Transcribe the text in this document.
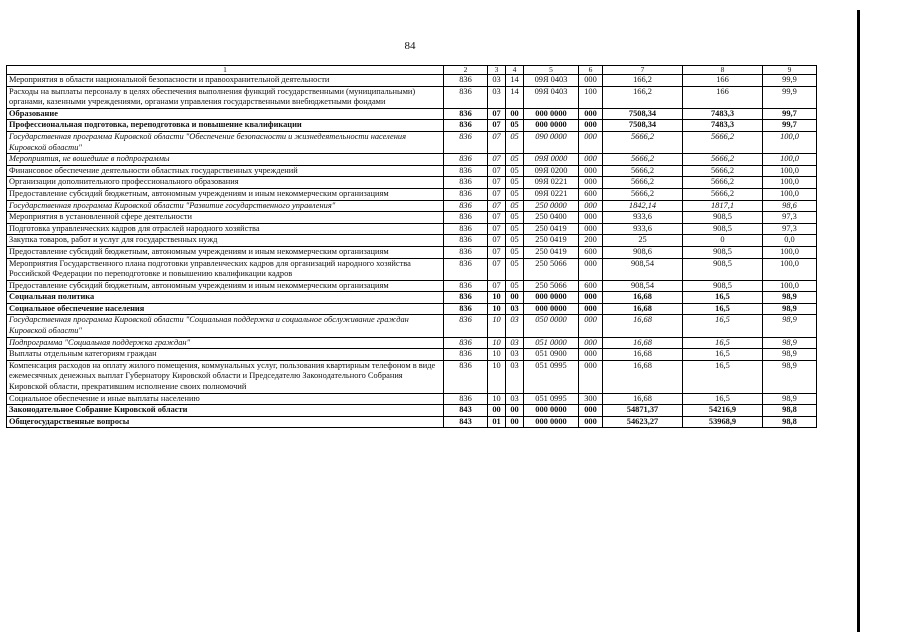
84
1	2	3	4	5	6	7	8	9
Мероприятия в области национальной безопасности и правоохранительной деятельности	836	03	14	09Я 0403	000	166,2	166	99,9
Расходы на выплаты персоналу в целях обеспечения выполнения функций государственными (муниципальными) органами, казенными учреждениями, органами управления государственными внебюджетными фондами	836	03	14	09Я 0403	100	166,2	166	99,9
Образование	836	07	00	000 0000	000	7508,34	7483,3	99,7
Профессиональная подготовка, переподготовка и повышение квалификации	836	07	05	000 0000	000	7508,34	7483,3	99,7
Государственная программа Кировской области "Обеспечение безопасности и жизнедеятельности населения Кировской области"	836	07	05	090 0000	000	5666,2	5666,2	100,0
Мероприятия, не вошедшие в подпрограммы	836	07	05	09Я 0000	000	5666,2	5666,2	100,0
Финансовое обеспечение деятельности областных государственных учреждений	836	07	05	09Я 0200	000	5666,2	5666,2	100,0
Организации дополнительного профессионального образования	836	07	05	09Я 0221	000	5666,2	5666,2	100,0
Предоставление субсидий бюджетным, автономным учреждениям и иным некоммерческим организациям	836	07	05	09Я 0221	600	5666,2	5666,2	100,0
Государственная программа Кировской области "Развитие государственного управления"	836	07	05	250 0000	000	1842,14	1817,1	98,6
Мероприятия в установленной сфере деятельности	836	07	05	250 0400	000	933,6	908,5	97,3
Подготовка управленческих кадров для отраслей народного хозяйства	836	07	05	250 0419	000	933,6	908,5	97,3
Закупка товаров, работ и услуг для государственных нужд	836	07	05	250 0419	200	25	0	0,0
Предоставление субсидий бюджетным, автономным учреждениям и иным некоммерческим организациям	836	07	05	250 0419	600	908,6	908,5	100,0
Мероприятия Государственного плана подготовки управленческих кадров для организаций народного хозяйства Российской Федерации по переподготовке и повышению квалификации кадров	836	07	05	250 5066	000	908,54	908,5	100,0
Предоставление субсидий бюджетным, автономным учреждениям и иным некоммерческим организациям	836	07	05	250 5066	600	908,54	908,5	100,0
Социальная политика	836	10	00	000 0000	000	16,68	16,5	98,9
Социальное обеспечение населения	836	10	03	000 0000	000	16,68	16,5	98,9
Государственная программа Кировской области "Социальная поддержка и социальное обслуживание граждан Кировской области"	836	10	03	050 0000	000	16,68	16,5	98,9
Подпрограмма "Социальная поддержка граждан"	836	10	03	051 0000	000	16,68	16,5	98,9
Выплаты отдельным категориям граждан	836	10	03	051 0900	000	16,68	16,5	98,9
Компенсация расходов на оплату жилого помещения, коммунальных услуг, пользования квартирным телефоном в виде ежемесячных денежных выплат Губернатору Кировской области и Председателю Законодательного Собрания Кировской области, прекратившим исполнение своих полномочий	836	10	03	051 0995	000	16,68	16,5	98,9
Социальное обеспечение и иные выплаты населению	836	10	03	051 0995	300	16,68	16,5	98,9
Законодательное Собрание Кировской области	843	00	00	000 0000	000	54871,37	54216,9	98,8
Общегосударственные вопросы	843	01	00	000 0000	000	54623,27	53968,9	98,8
